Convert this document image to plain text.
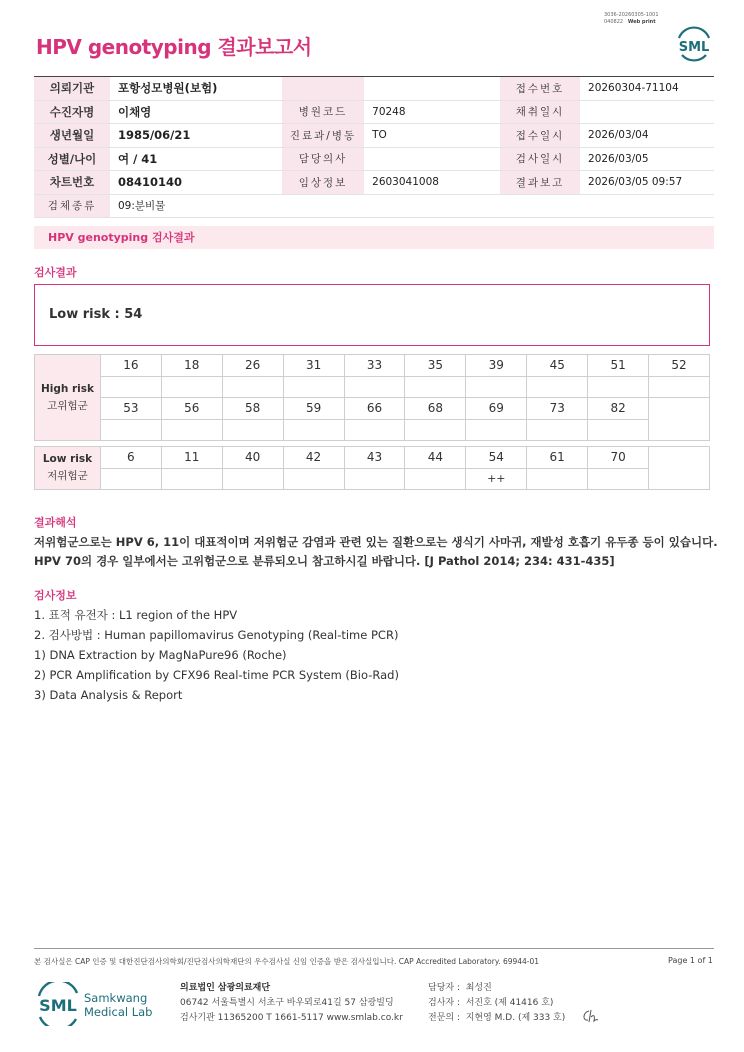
3036-20260305-1001
040822 Web print
HPV genotyping 결과보고서	SML
의뢰기관	포항성모병원(보험)			접수번호	20260304-71104
수진자명	이채영	병원코드	70248	채취일시	
생년월일	1985/06/21	진료과/병동	TO	접수일시	2026/03/04
성별/나이	여 / 41	담당의사		검사일시	2026/03/05
차트번호	08410140	임상정보	2603041008	결과보고	2026/03/05 09:57
검체종류	09:분비물				
HPV genotyping 검사결과
검사결과
Low risk : 54
High risk
고위험군	16	18	26	31	33	35	39	45	51	52

	53	56	58	59	66	68	69	73	82	

Low risk
저위험군	6	11	40	42	43	44	54	61	70	
							++			
결과해석
저위험군으로는 HPV 6, 11이 대표적이며 저위험군 감염과 관련 있는 질환으로는 생식기 사마귀, 재발성 호흡기 유두종 등이 있습니다.
HPV 70의 경우 일부에서는 고위험군으로 분류되오니 참고하시길 바랍니다. [J Pathol 2014; 234: 431-435]
검사정보
1. 표적 유전자 : L1 region of the HPV
2. 검사방법 : Human papillomavirus Genotyping (Real-time PCR)
1) DNA Extraction by MagNaPure96 (Roche)
2) PCR Amplification by CFX96 Real-time PCR System (Bio-Rad)
3) Data Analysis & Report
본 검사실은 CAP 인증 및 대한진단검사의학회/진단검사의학재단의 우수검사실 신임 인증을 받은 검사실입니다. CAP Accredited Laboratory. 69944-01	Page 1 of 1
SML Samkwang
Medical Lab
의료법인 삼광의료재단
06742 서울특별시 서초구 바우뫼로41길 57 삼광빌딩
검사기관 11365200 T 1661-5117 www.smlab.co.kr
담당자 : 최성진
검사자 : 서진호 (제 41416 호)
전문의 : 지현영 M.D. (제 333 호)
